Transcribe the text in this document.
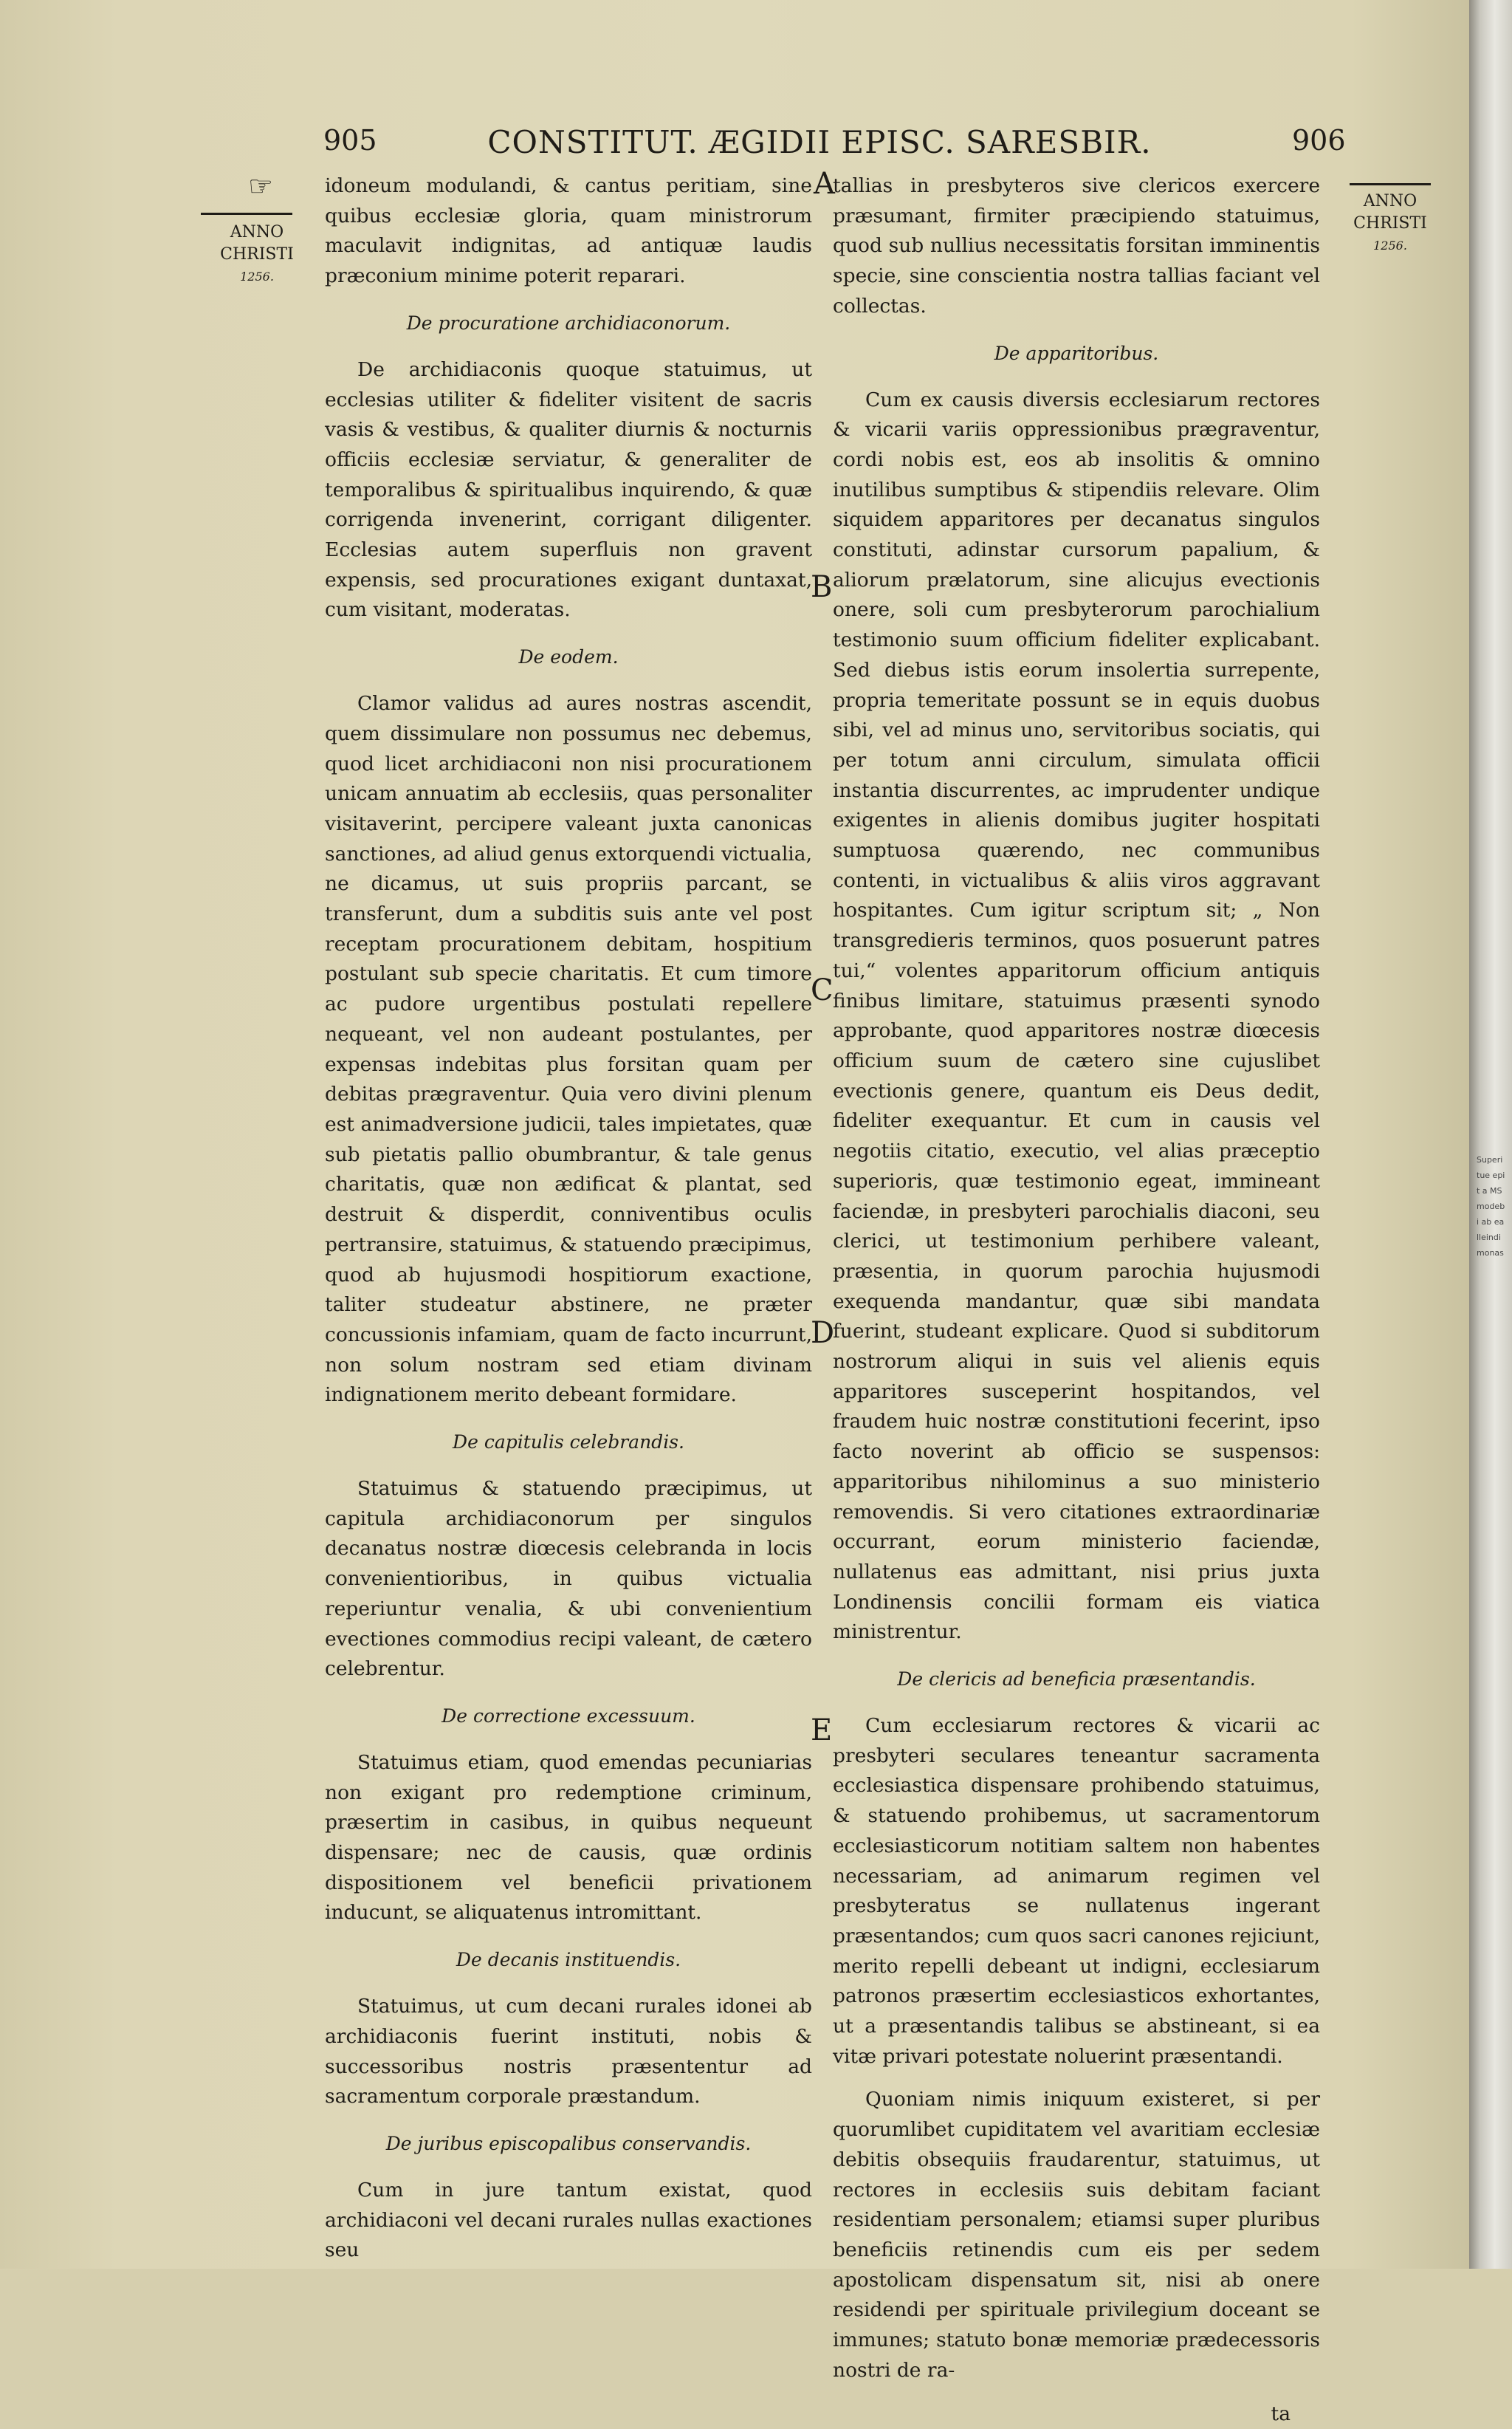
905	CONSTITUT. ÆGIDII EPISC. SARESBIR.	906
☞
ANNO
CHRISTI
1256.
ANNO
CHRISTI
1256.
A
B
C
D
E

idoneum modulandi, & cantus peritiam, sine quibus ecclesiæ gloria, quam ministrorum maculavit indignitas, ad antiquæ laudis præconium minime poterit reparari.

De procuratione archidiaconorum.

De archidiaconis quoque statuimus, ut ecclesias utiliter & fideliter visitent de sacris vasis & vestibus, & qualiter diurnis & nocturnis officiis ecclesiæ serviatur, & generaliter de temporalibus & spiritualibus inquirendo, & quæ corrigenda invenerint, corrigant diligenter. Ecclesias autem superfluis non gravent expensis, sed procurationes exigant duntaxat, cum visitant, moderatas.

De eodem.

Clamor validus ad aures nostras ascendit, quem dissimulare non possumus nec debemus, quod licet archidiaconi non nisi procurationem unicam annuatim ab ecclesiis, quas personaliter visitaverint, percipere valeant juxta canonicas sanctiones, ad aliud genus extorquendi victualia, ne dicamus, ut suis propriis parcant, se transferunt, dum a subditis suis ante vel post receptam procurationem debitam, hospitium postulant sub specie charitatis. Et cum timore ac pudore urgentibus postulati repellere nequeant, vel non audeant postulantes, per expensas indebitas plus forsitan quam per debitas prægraventur. Quia vero divini plenum est animadversione judicii, tales impietates, quæ sub pietatis pallio obumbrantur, & tale genus charitatis, quæ non ædificat & plantat, sed destruit & disperdit, conniventibus oculis pertransire, statuimus, & statuendo præcipimus, quod ab hujusmodi hospitiorum exactione, taliter studeatur abstinere, ne præter concussionis infamiam, quam de facto incurrunt, non solum nostram sed etiam divinam indignationem merito debeant formidare.

De capitulis celebrandis.

Statuimus & statuendo præcipimus, ut capitula archidiaconorum per singulos decanatus nostræ diœcesis celebranda in locis convenientioribus, in quibus victualia reperiuntur venalia, & ubi convenientium evectiones commodius recipi valeant, de cætero celebrentur.

De correctione excessuum.

Statuimus etiam, quod emendas pecuniarias non exigant pro redemptione criminum, præsertim in casibus, in quibus nequeunt dispensare; nec de causis, quæ ordinis dispositionem vel beneficii privationem inducunt, se aliquatenus intromittant.

De decanis instituendis.

Statuimus, ut cum decani rurales idonei ab archidiaconis fuerint instituti, nobis & successoribus nostris præsententur ad sacramentum corporale præstandum.

De juribus episcopalibus conservandis.

Cum in jure tantum existat, quod archidiaconi vel decani rurales nullas exactiones seu

tallias in presbyteros sive clericos exercere præsumant, firmiter præcipiendo statuimus, quod sub nullius necessitatis forsitan imminentis specie, sine conscientia nostra tallias faciant vel collectas.

De apparitoribus.

Cum ex causis diversis ecclesiarum rectores & vicarii variis oppressionibus prægraventur, cordi nobis est, eos ab insolitis & omnino inutilibus sumptibus & stipendiis relevare. Olim siquidem apparitores per decanatus singulos constituti, adinstar cursorum papalium, & aliorum prælatorum, sine alicujus evectionis onere, soli cum presbyterorum parochialium testimonio suum officium fideliter explicabant. Sed diebus istis eorum insolertia surrepente, propria temeritate possunt se in equis duobus sibi, vel ad minus uno, servitoribus sociatis, qui per totum anni circulum, simulata officii instantia discurrentes, ac imprudenter undique exigentes in alienis domibus jugiter hospitati sumptuosa quærendo, nec communibus contenti, in victualibus & aliis viros aggravant hospitantes. Cum igitur scriptum sit; „ Non transgredieris terminos, quos posuerunt patres tui,“ volentes apparitorum officium antiquis finibus limitare, statuimus præsenti synodo approbante, quod apparitores nostræ diœcesis officium suum de cætero sine cujuslibet evectionis genere, quantum eis Deus dedit, fideliter exequantur. Et cum in causis vel negotiis citatio, executio, vel alias præceptio superioris, quæ testimonio egeat, immineant faciendæ, in presbyteri parochialis diaconi, seu clerici, ut testimonium perhibere valeant, præsentia, in quorum parochia hujusmodi exequenda mandantur, quæ sibi mandata fuerint, studeant explicare. Quod si subditorum nostrorum aliqui in suis vel alienis equis apparitores susceperint hospitandos, vel fraudem huic nostræ constitutioni fecerint, ipso facto noverint ab officio se suspensos: apparitoribus nihilominus a suo ministerio removendis. Si vero citationes extraordinariæ occurrant, eorum ministerio faciendæ, nullatenus eas admittant, nisi prius juxta Londinensis concilii formam eis viatica ministrentur.

De clericis ad beneficia præsentandis.

Cum ecclesiarum rectores & vicarii ac presbyteri seculares teneantur sacramenta ecclesiastica dispensare prohibendo statuimus, & statuendo prohibemus, ut sacramentorum ecclesiasticorum notitiam saltem non habentes necessariam, ad animarum regimen vel presbyteratus se nullatenus ingerant præsentandos; cum quos sacri canones rejiciunt, merito repelli debeant ut indigni, ecclesiarum patronos præsertim ecclesiasticos exhortantes, ut a præsentandis talibus se abstineant, si ea vitæ privari potestate noluerint præsentandi.

Quoniam nimis iniquum existeret, si per quorumlibet cupiditatem vel avaritiam ecclesiæ debitis obsequiis fraudarentur, statuimus, ut rectores in ecclesiis suis debitam faciant residentiam personalem; etiamsi super pluribus beneficiis retinendis cum eis per sedem apostolicam dispensatum sit, nisi ab onere residendi per spirituale privilegium doceant se immunes; statuto bonæ memoriæ prædecessoris nostri de ra-

ta
Superi
tue epi
t a MS
modeb
i ab ea
lleindi
monas
